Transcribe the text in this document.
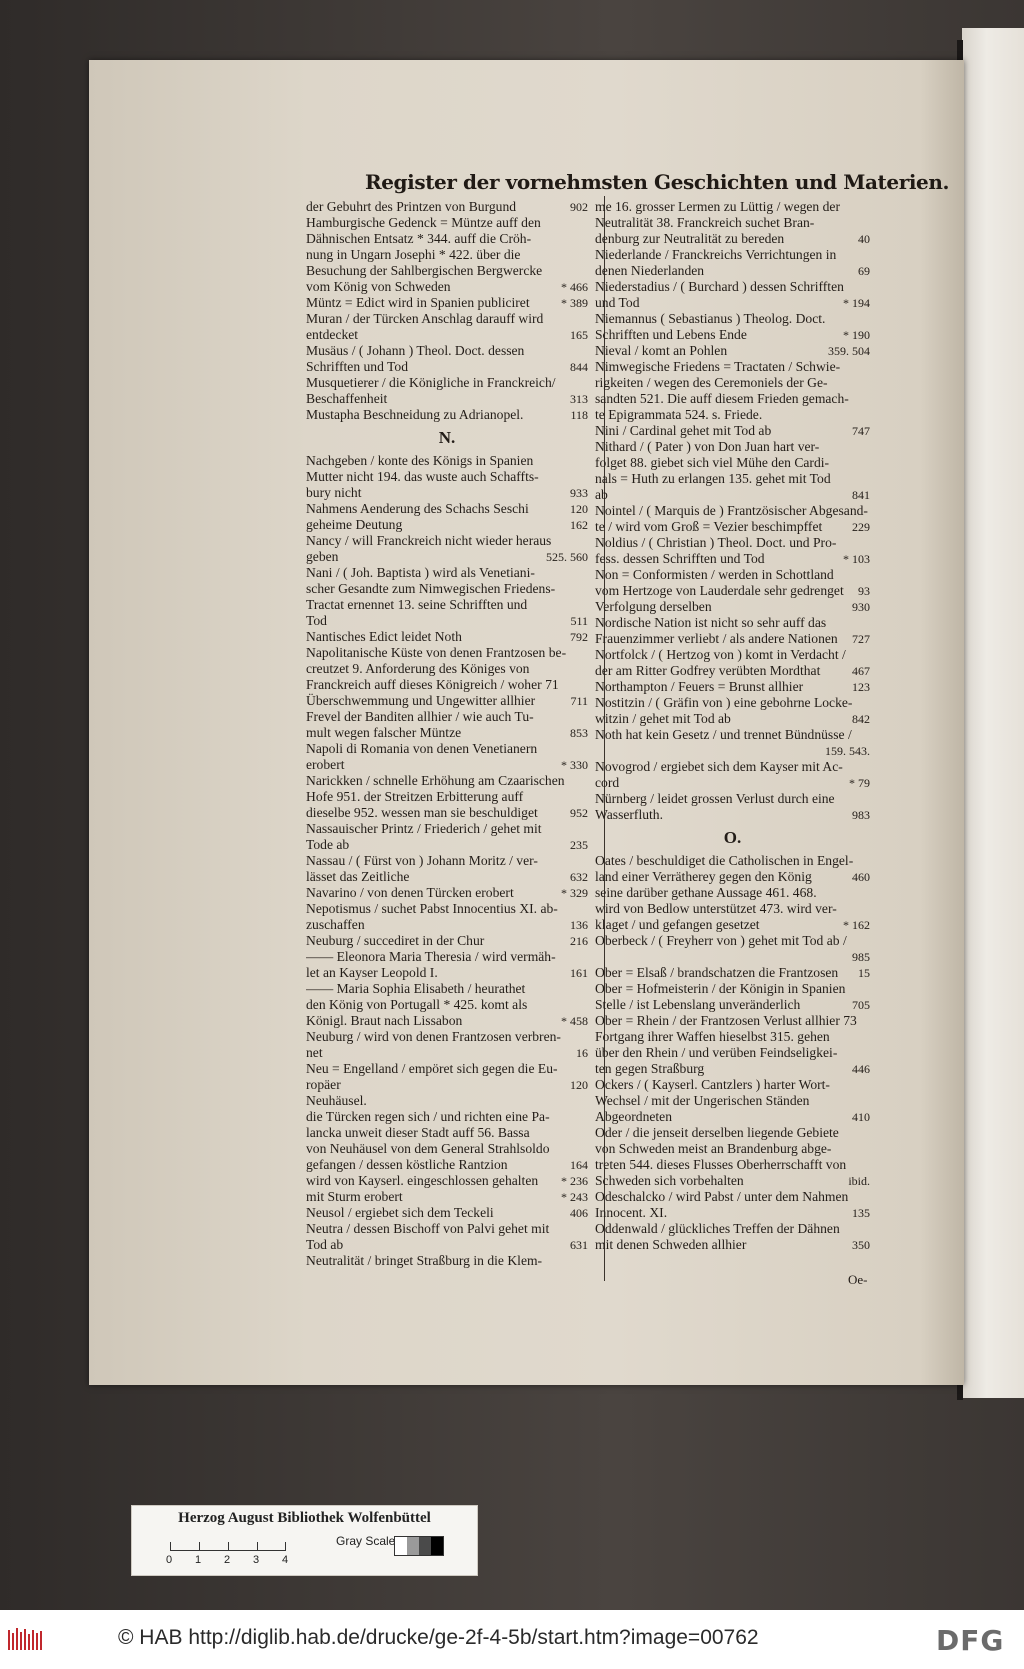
Register der vornehmsten Geschichten und Materien.
der Gebuhrt des Printzen von Burgund	902
Hamburgische Gedenck = Müntze auff den
Dähnischen Entsatz * 344. auff die Cröh-
nung in Ungarn Josephi * 422. über die
Besuchung der Sahlbergischen Bergwercke
vom König von Schweden	* 466
Müntz = Edict wird in Spanien publiciret	* 389
Muran / der Türcken Anschlag darauff wird
entdecket	165
Musäus / ( Johann ) Theol. Doct. dessen
Schrifften und Tod	844
Musquetierer / die Königliche in Franckreich/
Beschaffenheit	313
Mustapha Beschneidung zu Adrianopel.	118
N.
Nachgeben / konte des Königs in Spanien
Mutter nicht 194. das wuste auch Schaffts-
bury nicht	933
Nahmens Aenderung des Schachs Seschi	120
geheime Deutung	162
Nancy / will Franckreich nicht wieder heraus
geben	525. 560
Nani / ( Joh. Baptista ) wird als Venetiani-
scher Gesandte zum Nimwegischen Friedens-
Tractat ernennet 13. seine Schrifften und
Tod	511
Nantisches Edict leidet Noth	792
Napolitanische Küste von denen Frantzosen be-
creutzet 9. Anforderung des Königes von
Franckreich auff dieses Königreich / woher 71
Überschwemmung und Ungewitter allhier	711
Frevel der Banditen allhier / wie auch Tu-
mult wegen falscher Müntze	853
Napoli di Romania von denen Venetianern
erobert	* 330
Narickken / schnelle Erhöhung am Czaarischen
Hofe 951. der Streitzen Erbitterung auff
dieselbe 952. wessen man sie beschuldiget	952
Nassauischer Printz / Friederich / gehet mit
Tode ab	235
Nassau / ( Fürst von ) Johann Moritz / ver-
lässet das Zeitliche	632
Navarino / von denen Türcken erobert	* 329
Nepotismus / suchet Pabst Innocentius XI. ab-
zuschaffen	136
Neuburg / succediret in der Chur	216
—— Eleonora Maria Theresia / wird vermäh-
let an Kayser Leopold I.	161
—— Maria Sophia Elisabeth / heurathet
den König von Portugall * 425. komt als
Königl. Braut nach Lissabon	* 458
Neuburg / wird von denen Frantzosen verbren-
net	16
Neu = Engelland / empöret sich gegen die Eu-
ropäer	120
Neuhäusel.
die Türcken regen sich / und richten eine Pa-
lancka unweit dieser Stadt auff 56. Bassa
von Neuhäusel von dem General Strahlsoldo
gefangen / dessen köstliche Rantzion	164
wird von Kayserl. eingeschlossen gehalten	* 236
mit Sturm erobert	* 243
Neusol / ergiebet sich dem Teckeli	406
Neutra / dessen Bischoff von Palvi gehet mit
Tod ab	631
Neutralität / bringet Straßburg in die Klem-
me 16. grosser Lermen zu Lüttig / wegen der
Neutralität 38. Franckreich suchet Bran-
denburg zur Neutralität zu bereden	40
Niederlande / Franckreichs Verrichtungen in
denen Niederlanden	69
Niederstadius / ( Burchard ) dessen Schrifften
und Tod	* 194
Niemannus ( Sebastianus ) Theolog. Doct.
Schrifften und Lebens Ende	* 190
Nieval / komt an Pohlen	359. 504
Nimwegische Friedens = Tractaten / Schwie-
rigkeiten / wegen des Ceremoniels der Ge-
sandten 521. Die auff diesem Frieden gemach-
te Epigrammata 524. s. Friede.
Nini / Cardinal gehet mit Tod ab	747
Nithard / ( Pater ) von Don Juan hart ver-
folget 88. giebet sich viel Mühe den Cardi-
nals = Huth zu erlangen 135. gehet mit Tod
ab	841
Nointel / ( Marquis de ) Frantzösischer Abgesand-
te / wird vom Groß = Vezier beschimpffet	229
Noldius / ( Christian ) Theol. Doct. und Pro-
fess. dessen Schrifften und Tod	* 103
Non = Conformisten / werden in Schottland
vom Hertzoge von Lauderdale sehr gedrenget	93
Verfolgung derselben	930
Nordische Nation ist nicht so sehr auff das
Frauenzimmer verliebt / als andere Nationen	727
Nortfolck / ( Hertzog von ) komt in Verdacht /
der am Ritter Godfrey verübten Mordthat	467
Northampton / Feuers = Brunst allhier	123
Nostitzin / ( Gräfin von ) eine gebohrne Locke-
witzin / gehet mit Tod ab	842
Noth hat kein Gesetz / und trennet Bündnüsse /

159. 543.
Novogrod / ergiebet sich dem Kayser mit Ac-
cord	* 79
Nürnberg / leidet grossen Verlust durch eine
Wasserfluth.	983
O.
Oates / beschuldiget die Catholischen in Engel-
land einer Verrätherey gegen den König	460
seine darüber gethane Aussage 461. 468.
wird von Bedlow unterstützet 473. wird ver-
klaget / und gefangen gesetzet	* 162
Oberbeck / ( Freyherr von ) gehet mit Tod ab /

985
Ober = Elsaß / brandschatzen die Frantzosen	15
Ober = Hofmeisterin / der Königin in Spanien
Stelle / ist Lebenslang unveränderlich	705
Ober = Rhein / der Frantzosen Verlust allhier 73
Fortgang ihrer Waffen hieselbst 315. gehen
über den Rhein / und verüben Feindseligkei-
ten gegen Straßburg	446
Ockers / ( Kayserl. Cantzlers ) harter Wort-
Wechsel / mit der Ungerischen Ständen
Abgeordneten	410
Oder / die jenseit derselben liegende Gebiete
von Schweden meist an Brandenburg abge-
treten 544. dieses Flusses Oberherrschafft von
Schweden sich vorbehalten	ibid.
Odeschalcko / wird Pabst / unter dem Nahmen
Innocent. XI.	135
Oddenwald / glückliches Treffen der Dähnen
mit denen Schweden allhier	350
Oe-
Herzog August Bibliothek Wolfenbüttel
0 1 2 3 4
Gray Scale
© HAB http://diglib.hab.de/drucke/ge-2f-4-5b/start.htm?image=00762	DFG
